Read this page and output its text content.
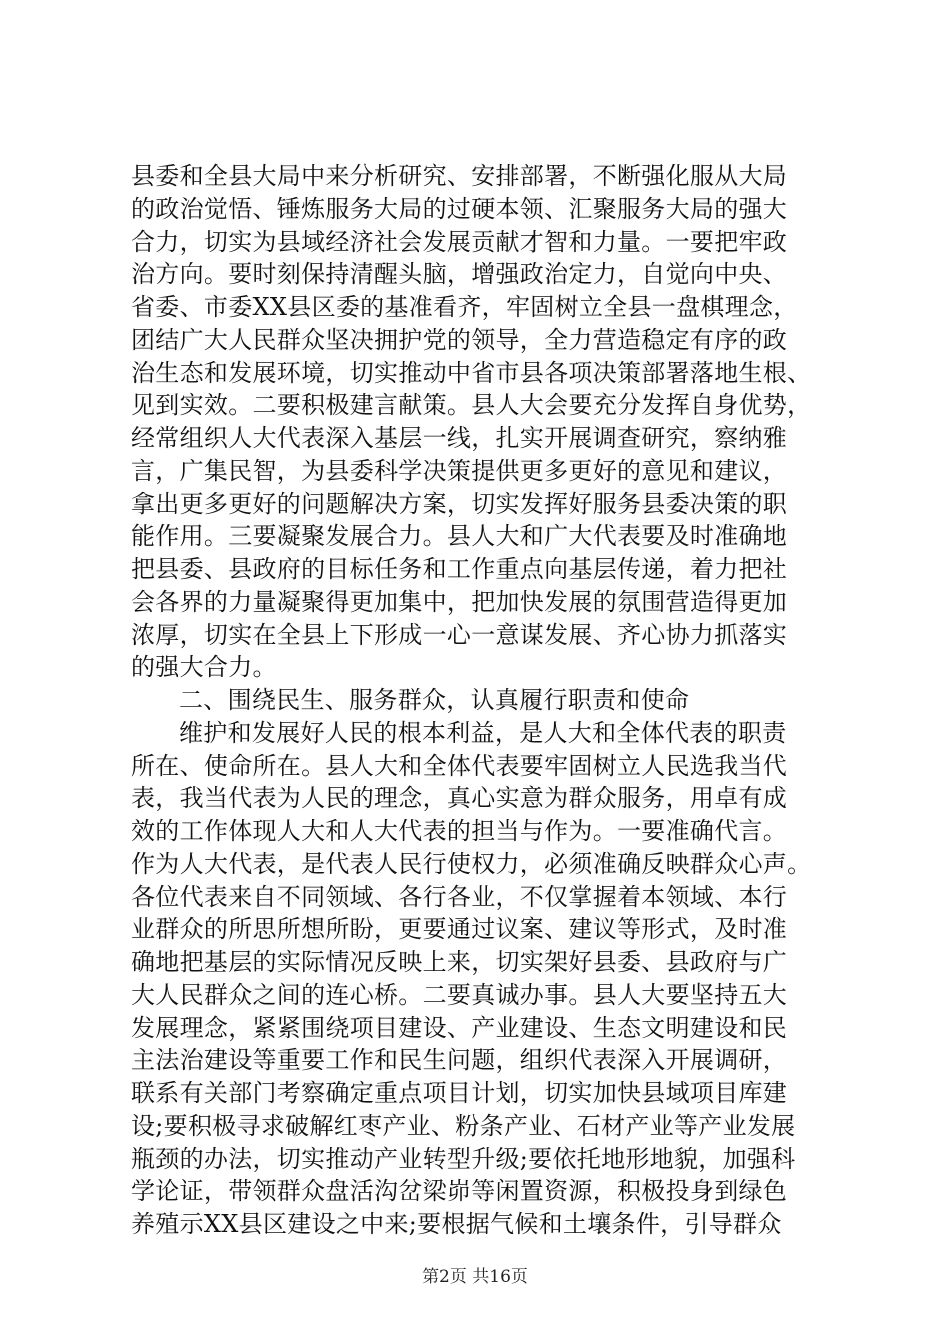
县委和全县大局中来分析研究、安排部署，不断强化服从大局
的政治觉悟、锤炼服务大局的过硬本领、汇聚服务大局的强大
合力，切实为县域经济社会发展贡献才智和力量。一要把牢政
治方向。要时刻保持清醒头脑，增强政治定力，自觉向中央、
省委、市委XX县区委的基准看齐，牢固树立全县一盘棋理念，
团结广大人民群众坚决拥护党的领导，全力营造稳定有序的政
治生态和发展环境，切实推动中省市县各项决策部署落地生根、
见到实效。二要积极建言献策。县人大会要充分发挥自身优势，
经常组织人大代表深入基层一线，扎实开展调查研究，察纳雅
言，广集民智，为县委科学决策提供更多更好的意见和建议，
拿出更多更好的问题解决方案，切实发挥好服务县委决策的职
能作用。三要凝聚发展合力。县人大和广大代表要及时准确地
把县委、县政府的目标任务和工作重点向基层传递，着力把社
会各界的力量凝聚得更加集中，把加快发展的氛围营造得更加
浓厚，切实在全县上下形成一心一意谋发展、齐心协力抓落实
的强大合力。
二、围绕民生、服务群众，认真履行职责和使命
维护和发展好人民的根本利益，是人大和全体代表的职责
所在、使命所在。县人大和全体代表要牢固树立人民选我当代
表，我当代表为人民的理念，真心实意为群众服务，用卓有成
效的工作体现人大和人大代表的担当与作为。一要准确代言。
作为人大代表，是代表人民行使权力，必须准确反映群众心声。
各位代表来自不同领域、各行各业，不仅掌握着本领域、本行
业群众的所思所想所盼，更要通过议案、建议等形式，及时准
确地把基层的实际情况反映上来，切实架好县委、县政府与广
大人民群众之间的连心桥。二要真诚办事。县人大要坚持五大
发展理念，紧紧围绕项目建设、产业建设、生态文明建设和民
主法治建设等重要工作和民生问题，组织代表深入开展调研，
联系有关部门考察确定重点项目计划，切实加快县域项目库建
设;要积极寻求破解红枣产业、粉条产业、石材产业等产业发展
瓶颈的办法，切实推动产业转型升级;要依托地形地貌，加强科
学论证，带领群众盘活沟岔梁峁等闲置资源，积极投身到绿色
养殖示XX县区建设之中来;要根据气候和土壤条件，引导群众
第2页 共16页
